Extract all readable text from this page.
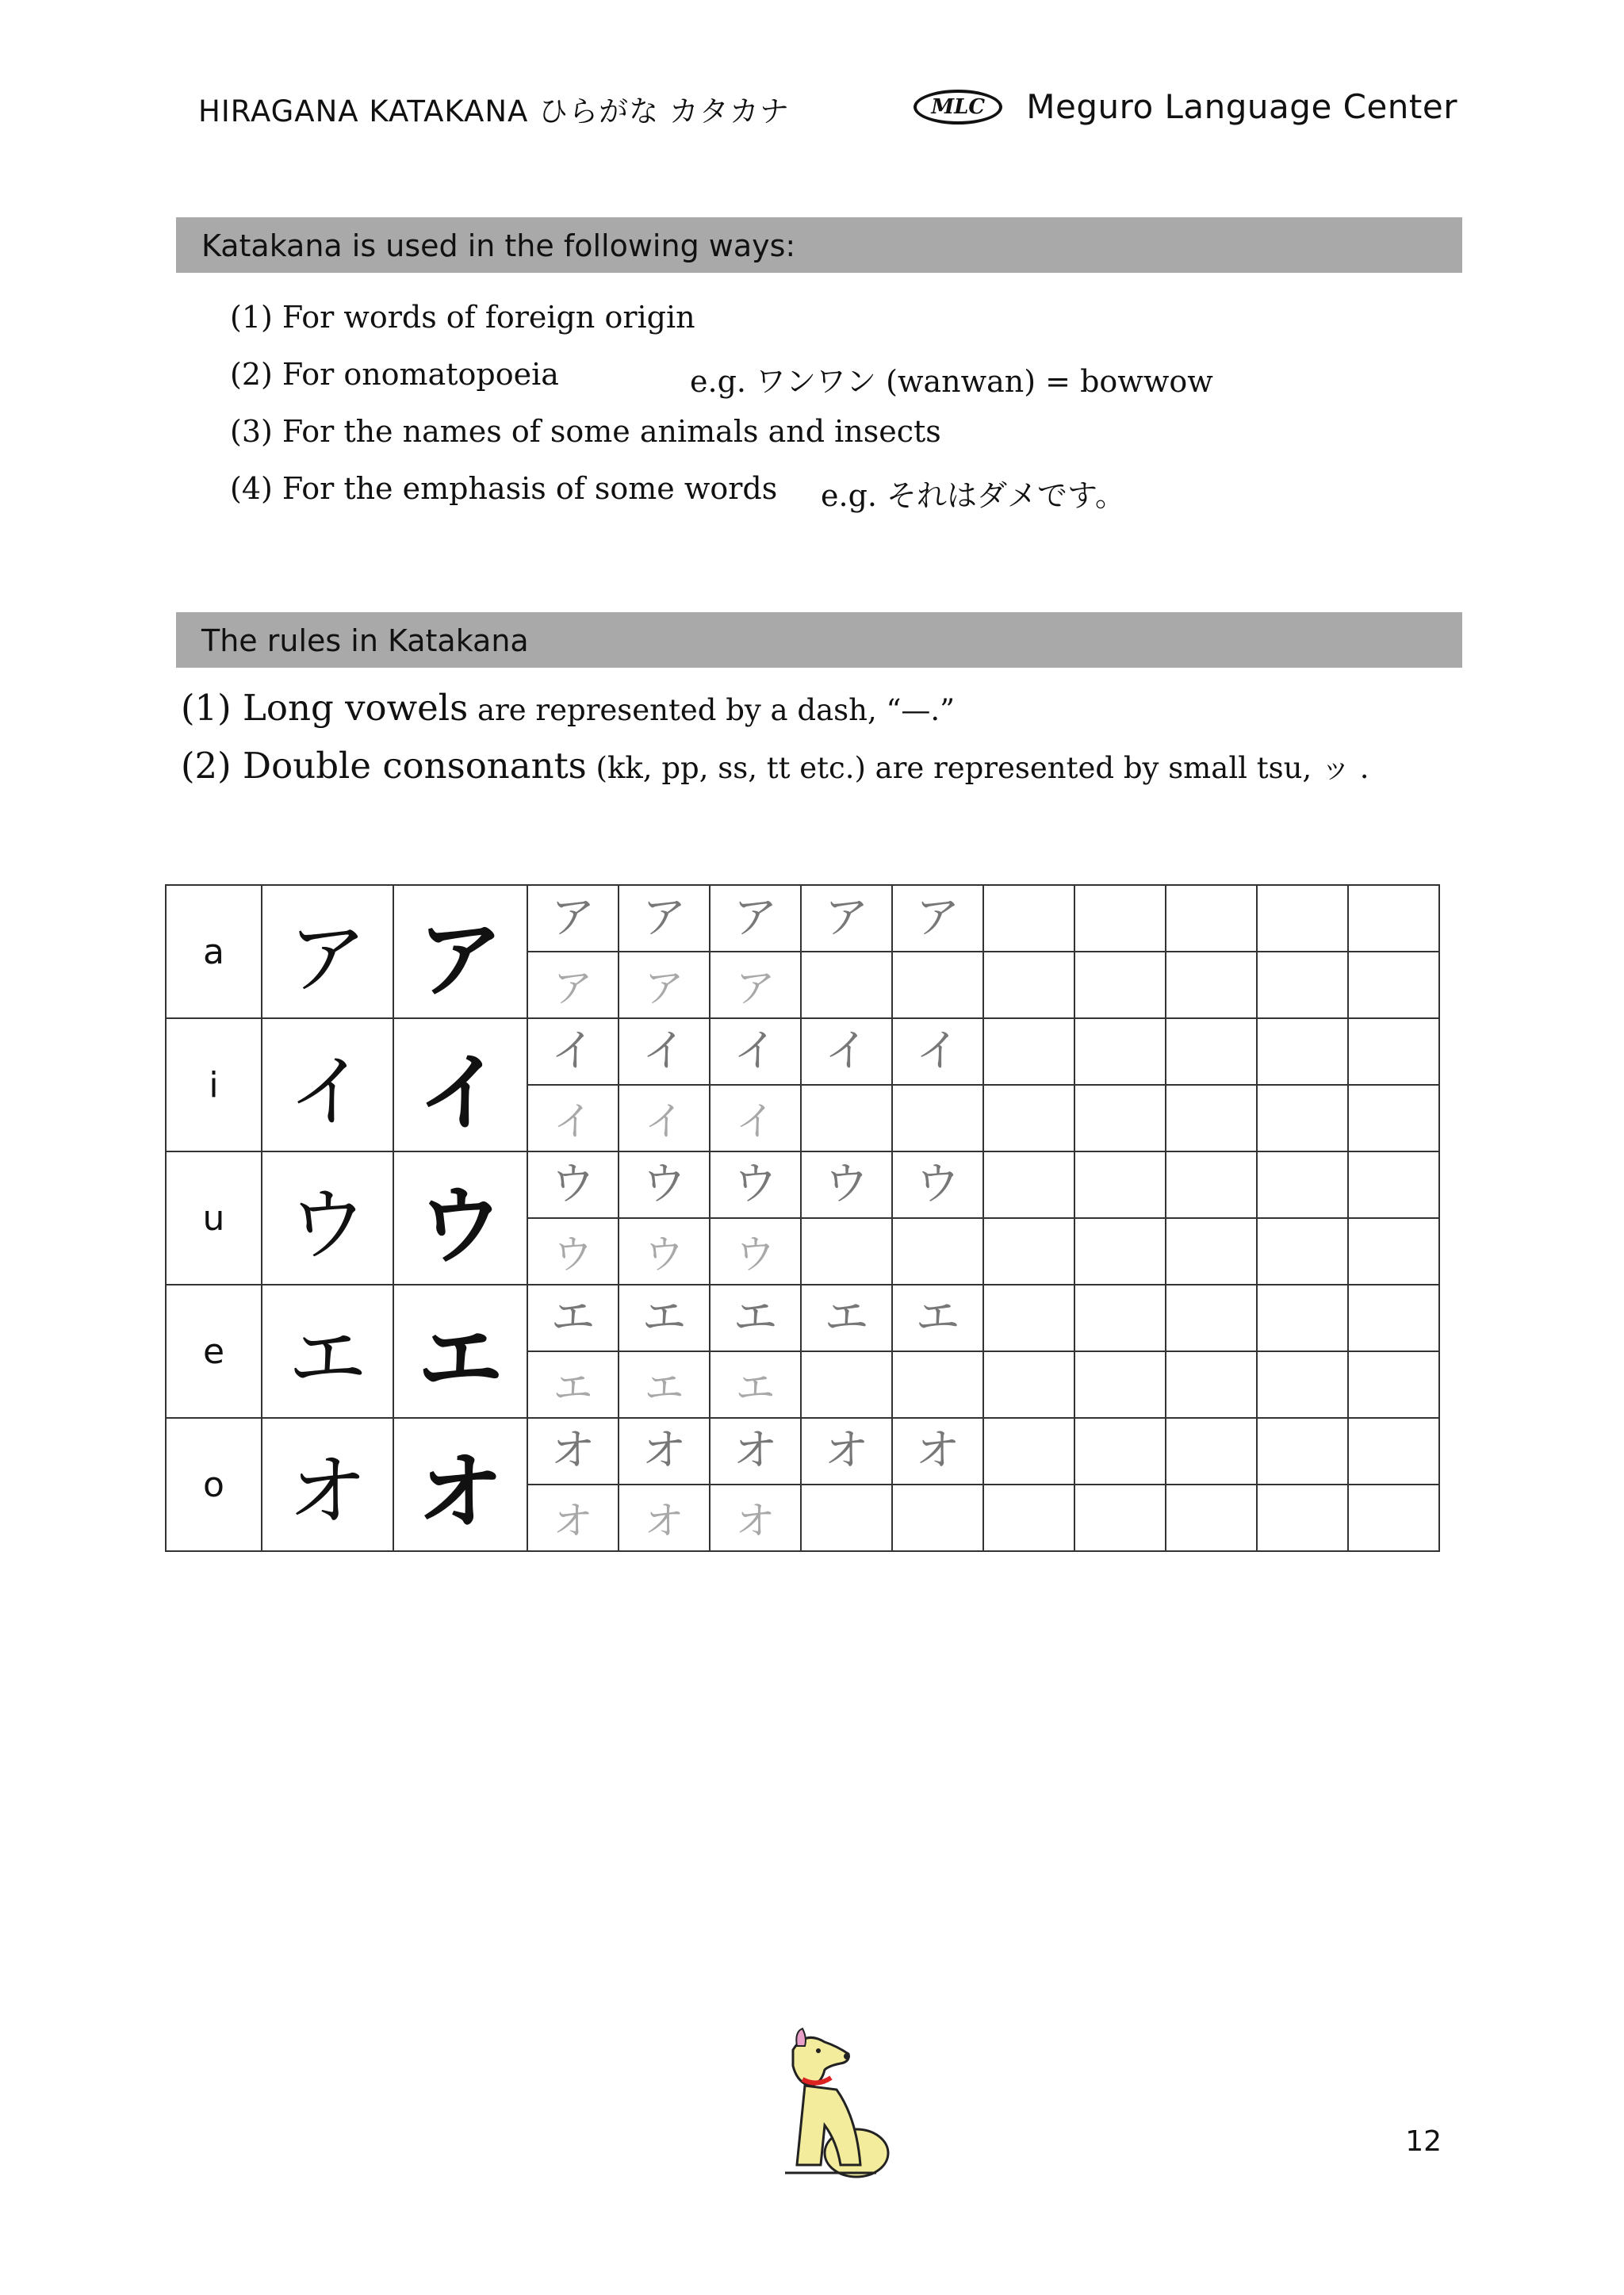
HIRAGANA KATAKANA ひらがな カタカナ	MLC	Meguro Language Center
Katakana is used in the following ways:
(1) For words of foreign origin
(2) For onomatopoeia	e.g. ワンワン (wanwan) = bowwow
(3) For the names of some animals and insects
(4) For the emphasis of some words e.g. それはダメです。
The rules in Katakana
(1) Long vowels are represented by a dash, “—.”
(2) Double consonants (kk, pp, ss, tt etc.) are represented by small tsu, ッ .
a	ア	ア	ア	ア	ア	ア	ア					
			ア	ア	ア							
i	イ	イ	イ	イ	イ	イ	イ					
			イ	イ	イ							
u	ウ	ウ	ウ	ウ	ウ	ウ	ウ					
			ウ	ウ	ウ							
e	エ	エ	エ	エ	エ	エ	エ					
			エ	エ	エ							
o	オ	オ	オ	オ	オ	オ	オ					
			オ	オ	オ							
12
